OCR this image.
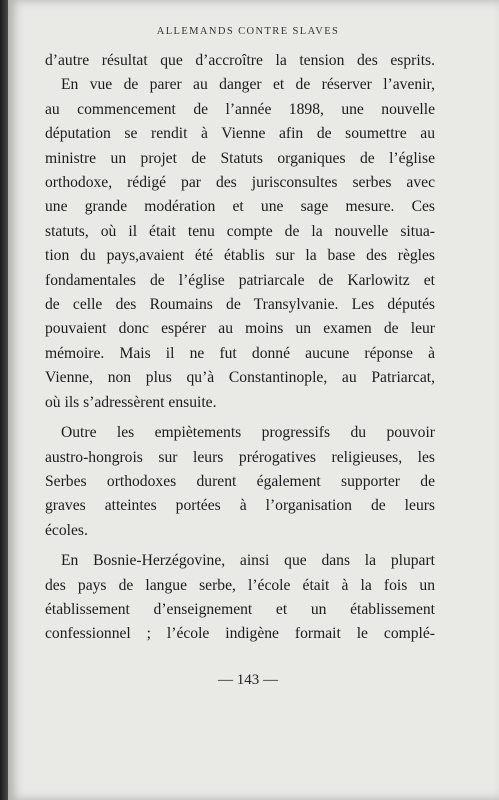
ALLEMANDS CONTRE SLAVES

d’autre résultat que d’accroître la tension des esprits.
En vue de parer au danger et de réserver l’avenir,
au commencement de l’année 1898, une nouvelle
députation se rendit à Vienne afin de soumettre au
ministre un projet de Statuts organiques de l’église
orthodoxe, rédigé par des jurisconsultes serbes avec
une grande modération et une sage mesure. Ces
statuts, où il était tenu compte de la nouvelle situa-
tion du pays,avaient été établis sur la base des règles
fondamentales de l’église patriarcale de Karlowitz et
de celle des Roumains de Transylvanie. Les députés
pouvaient donc espérer au moins un examen de leur
mémoire. Mais il ne fut donné aucune réponse à
Vienne, non plus qu’à Constantinople, au Patriarcat,
où ils s’adressèrent ensuite.

Outre les empiètements progressifs du pouvoir
austro-hongrois sur leurs prérogatives religieuses, les
Serbes orthodoxes durent également supporter de
graves atteintes portées à l’organisation de leurs
écoles.

En Bosnie-Herzégovine, ainsi que dans la plupart
des pays de langue serbe, l’école était à la fois un
établissement d’enseignement et un établissement
confessionnel ; l’école indigène formait le complé-

— 143 —
